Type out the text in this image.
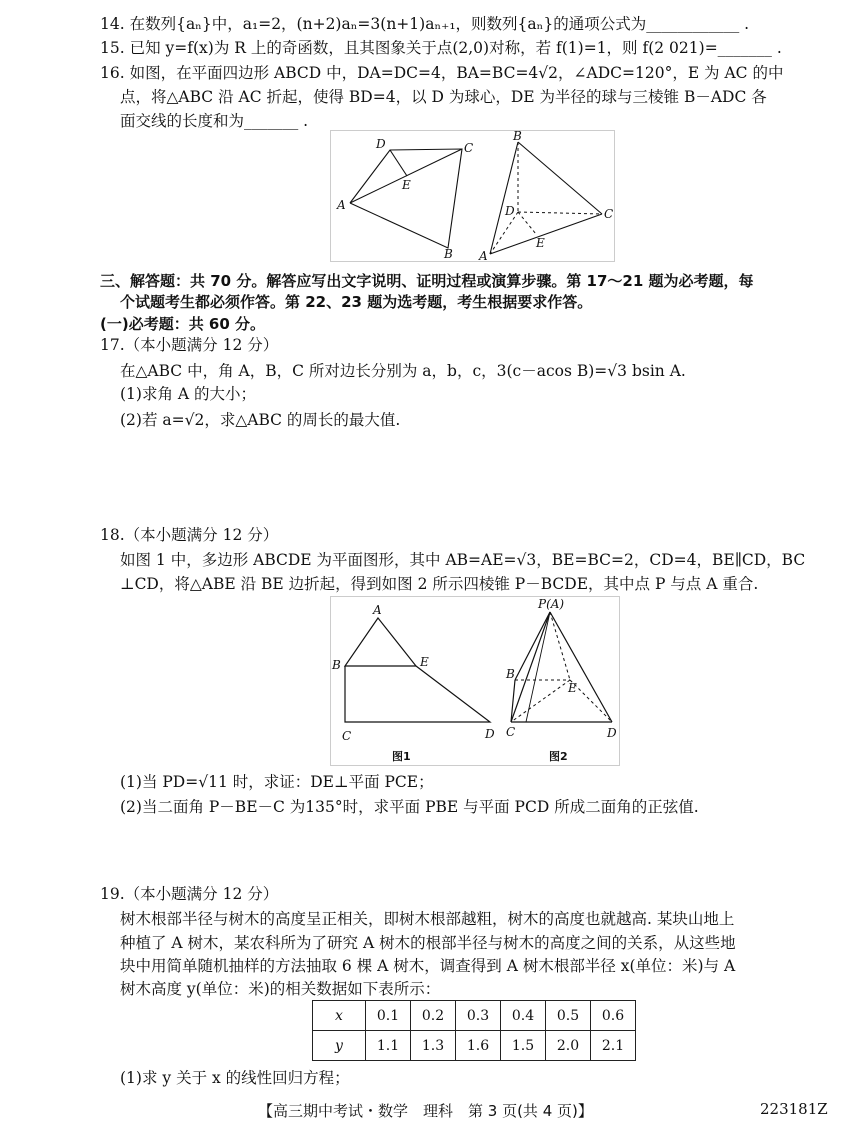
14. 在数列{aₙ}中，a₁=2，(n+2)aₙ=3(n+1)aₙ₊₁，则数列{aₙ}的通项公式为____________ .
15. 已知 y=f(x)为 R 上的奇函数，且其图象关于点(2,0)对称，若 f(1)=1，则 f(2 021)=_______ .
16. 如图，在平面四边形 ABCD 中，DA=DC=4，BA=BC=4√2，∠ADC=120°，E 为 AC 的中
点，将△ABC 沿 AC 折起，使得 BD=4，以 D 为球心，DE 为半径的球与三棱锥 B－ADC 各
面交线的长度和为_______ .
D	C
E
A
B
B
D	C
A
E
三、解答题：共 70 分。解答应写出文字说明、证明过程或演算步骤。第 17～21 题为必考题，每
个试题考生都必须作答。第 22、23 题为选考题，考生根据要求作答。
(一)必考题：共 60 分。
17.（本小题满分 12 分）
在△ABC 中，角 A，B，C 所对边长分别为 a，b，c，3(c－acos B)=√3 bsin A.
(1)求角 A 的大小；
(2)若 a=√2，求△ABC 的周长的最大值.
18.（本小题满分 12 分）
如图 1 中，多边形 ABCDE 为平面图形，其中 AB=AE=√3，BE=BC=2，CD=4，BE∥CD，BC
⊥CD，将△ABE 沿 BE 边折起，得到如图 2 所示四棱锥 P－BCDE，其中点 P 与点 A 重合.
A
B	E
C	D
图1
P(A)
B
E
C	D
图2
(1)当 PD=√11 时，求证：DE⊥平面 PCE；
(2)当二面角 P－BE－C 为135°时，求平面 PBE 与平面 PCD 所成二面角的正弦值.
19.（本小题满分 12 分）
树木根部半径与树木的高度呈正相关，即树木根部越粗，树木的高度也就越高. 某块山地上
种植了 A 树木，某农科所为了研究 A 树木的根部半径与树木的高度之间的关系，从这些地
块中用简单随机抽样的方法抽取 6 棵 A 树木，调查得到 A 树木根部半径 x(单位：米)与 A
树木高度 y(单位：米)的相关数据如下表所示：
x	0.1	0.2	0.3	0.4	0.5	0.6
y	1.1	1.3	1.6	1.5	2.0	2.1
(1)求 y 关于 x 的线性回归方程；
【高三期中考试・数学　理科　第 3 页(共 4 页)】	223181Z
